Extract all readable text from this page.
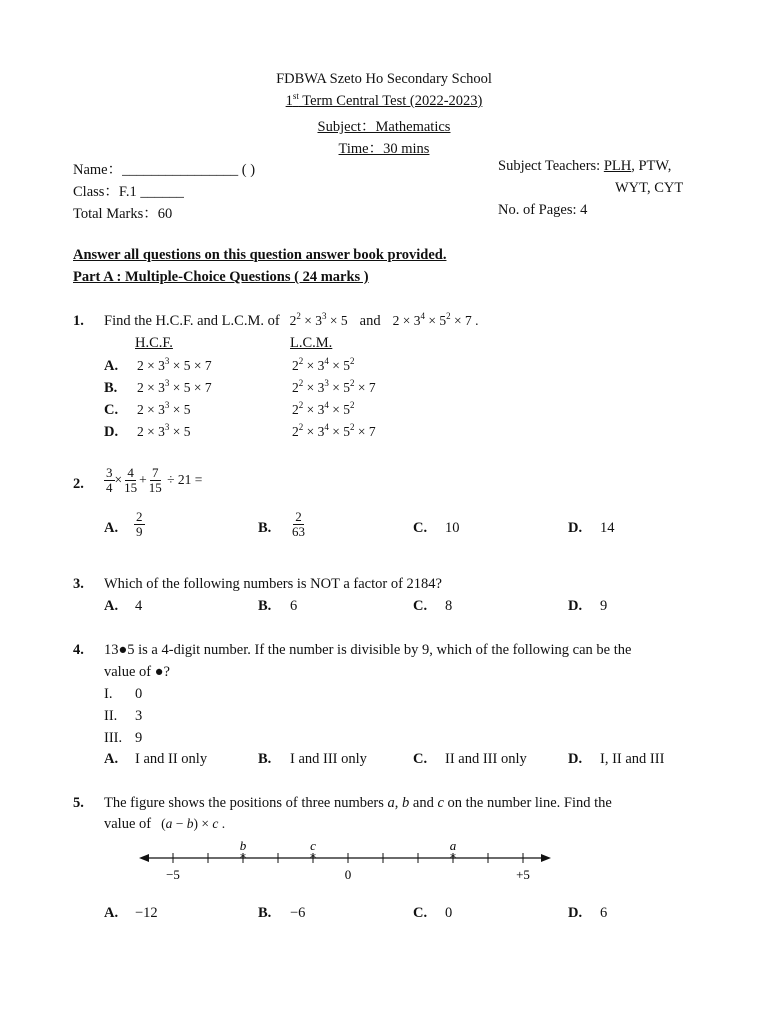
FDBWA Szeto Ho Secondary School
1st Term Central Test (2022-2023)
Subject：Mathematics
Time：30 mins
Name：________________ ( )
Class：F.1 ______
Total Marks：60
Subject Teachers: PLH, PTW,
WYT, CYT
No. of Pages: 4
Answer all questions on this question answer book provided.
Part A : Multiple-Choice Questions ( 24 marks )
1. Find the H.C.F. and L.C.M. of $2^2 \times 3^3 \times 5$ and $2 \times 3^4 \times 5^2 \times 7$ .
H.C.F.	L.C.M.
A. $2 \times 3^3 \times 5 \times 7$	$2^2 \times 3^4 \times 5^2$
B. $2 \times 3^3 \times 5 \times 7$	$2^2 \times 3^3 \times 5^2 \times 7$
C. $2 \times 3^3 \times 5$	$2^2 \times 3^4 \times 5^2$
D. $2 \times 3^3 \times 5$	$2^2 \times 3^4 \times 5^2 \times 7$
2. $\frac{3}{4} \times \frac{4}{15} + \frac{7}{15} \div 21$ =
A. $\frac{2}{9}$	B. $\frac{2}{63}$	C. 10	D. 14
3. Which of the following numbers is NOT a factor of 2184?
A. 4	B. 6	C. 8	D. 9
4. 13●5 is a 4-digit number. If the number is divisible by 9, which of the following can be the
value of ●?
I. 0
II. 3
III. 9
A. I and II only	B. I and III only	C. II and III only	D. I, II and III
5. The figure shows the positions of three numbers a, b and c on the number line. Find the
value of (a − b) × c .
*	*	*
−5	0	+5
b	c	a
A. −12	B. −6	C. 0	D. 6
